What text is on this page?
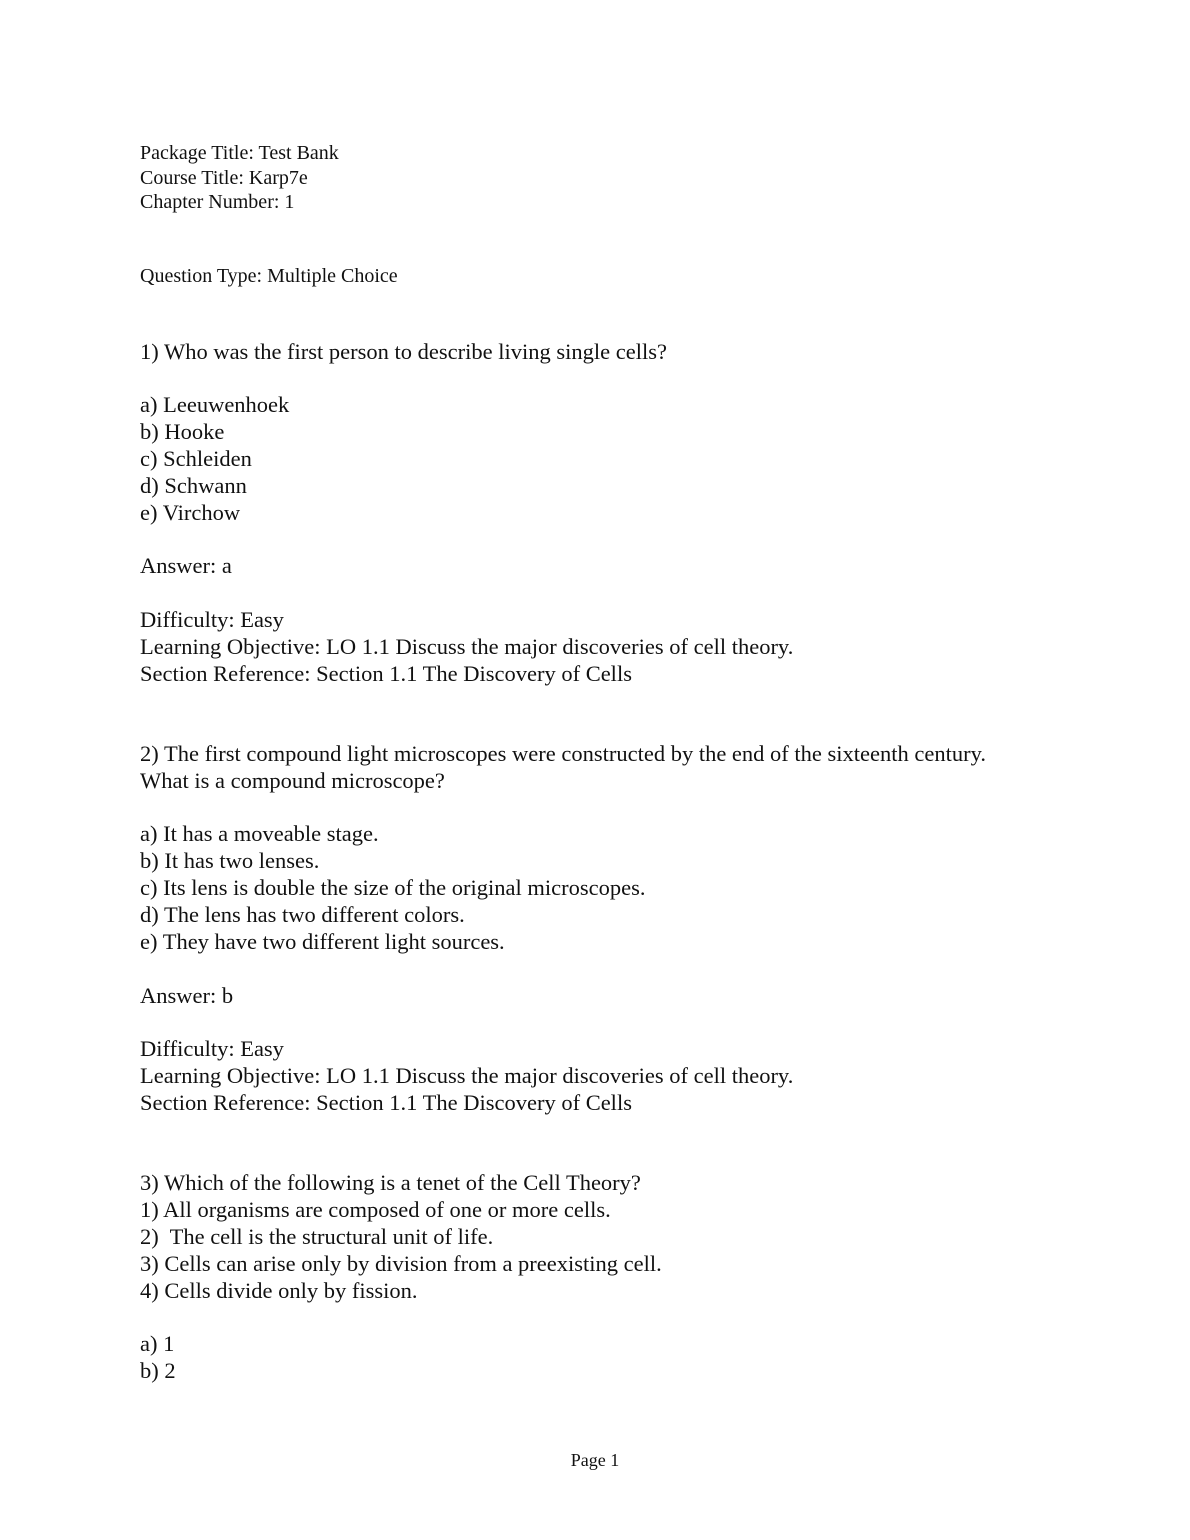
Package Title: Test Bank

Course Title: Karp7e

Chapter Number: 1

Question Type: Multiple Choice

1) Who was the first person to describe living single cells?

a) Leeuwenhoek

b) Hooke

c) Schleiden

d) Schwann

e) Virchow

Answer: a

Difficulty: Easy

Learning Objective: LO 1.1 Discuss the major discoveries of cell theory.

Section Reference: Section 1.1 The Discovery of Cells

2) The first compound light microscopes were constructed by the end of the sixteenth century.

What is a compound microscope?

a) It has a moveable stage.

b) It has two lenses.

c) Its lens is double the size of the original microscopes.

d) The lens has two different colors.

e) They have two different light sources.

Answer: b

Difficulty: Easy

Learning Objective: LO 1.1 Discuss the major discoveries of cell theory.

Section Reference: Section 1.1 The Discovery of Cells

3) Which of the following is a tenet of the Cell Theory?

1) All organisms are composed of one or more cells.

2)  The cell is the structural unit of life.

3) Cells can arise only by division from a preexisting cell.

4) Cells divide only by fission.

a) 1

b) 2

Page 1
